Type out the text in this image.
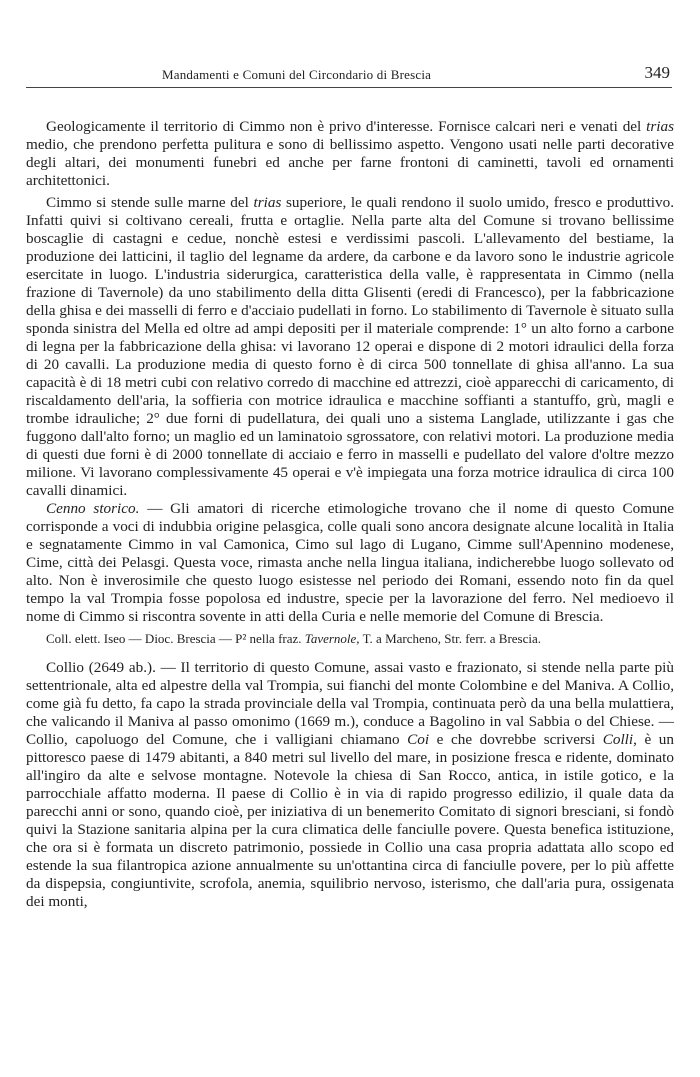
Mandamenti e Comuni del Circondario di Brescia	349

Geologicamente il territorio di Cimmo non è privo d'interesse. Fornisce calcari neri e venati del trias medio, che prendono perfetta pulitura e sono di bellissimo aspetto. Vengono usati nelle parti decorative degli altari, dei monumenti funebri ed anche per farne frontoni di caminetti, tavoli ed ornamenti architettonici.

Cimmo si stende sulle marne del trias superiore, le quali rendono il suolo umido, fresco e produttivo. Infatti quivi si coltivano cereali, frutta e ortaglie. Nella parte alta del Comune si trovano bellissime boscaglie di castagni e cedue, nonchè estesi e verdissimi pascoli. L'allevamento del bestiame, la produzione dei latticini, il taglio del legname da ardere, da carbone e da lavoro sono le industrie agricole esercitate in luogo. L'industria siderurgica, caratteristica della valle, è rappresentata in Cimmo (nella frazione di Tavernole) da uno stabilimento della ditta Glisenti (eredi di Francesco), per la fabbricazione della ghisa e dei masselli di ferro e d'acciaio pudellati in forno. Lo stabilimento di Tavernole è situato sulla sponda sinistra del Mella ed oltre ad ampi depositi per il materiale comprende: 1° un alto forno a carbone di legna per la fabbricazione della ghisa: vi lavorano 12 operai e dispone di 2 motori idraulici della forza di 20 cavalli. La produzione media di questo forno è di circa 500 tonnellate di ghisa all'anno. La sua capacità è di 18 metri cubi con relativo corredo di macchine ed attrezzi, cioè apparecchi di caricamento, di riscaldamento dell'aria, la soffieria con motrice idraulica e macchine soffianti a stantuffo, grù, magli e trombe idrauliche; 2° due forni di pudellatura, dei quali uno a sistema Langlade, utilizzante i gas che fuggono dall'alto forno; un maglio ed un laminatoio sgrossatore, con relativi motori. La produzione media di questi due forni è di 2000 tonnellate di acciaio e ferro in masselli e pudellato del valore d'oltre mezzo milione. Vi lavorano complessivamente 45 operai e v'è impiegata una forza motrice idraulica di circa 100 cavalli dinamici.

Cenno storico. — Gli amatori di ricerche etimologiche trovano che il nome di questo Comune corrisponde a voci di indubbia origine pelasgica, colle quali sono ancora designate alcune località in Italia e segnatamente Cimmo in val Camonica, Cimo sul lago di Lugano, Cimme sull'Apennino modenese, Cime, città dei Pelasgi. Questa voce, rimasta anche nella lingua italiana, indicherebbe luogo sollevato od alto. Non è inverosimile che questo luogo esistesse nel periodo dei Romani, essendo noto fin da quel tempo la val Trompia fosse popolosa ed industre, specie per la lavorazione del ferro. Nel medioevo il nome di Cimmo si riscontra sovente in atti della Curia e nelle memorie del Comune di Brescia.

Coll. elett. Iseo — Dioc. Brescia — P² nella fraz. Tavernole, T. a Marcheno, Str. ferr. a Brescia.

Collio (2649 ab.). — Il territorio di questo Comune, assai vasto e frazionato, si stende nella parte più settentrionale, alta ed alpestre della val Trompia, sui fianchi del monte Colombine e del Maniva. A Collio, come già fu detto, fa capo la strada provinciale della val Trompia, continuata però da una bella mulattiera, che valicando il Maniva al passo omonimo (1669 m.), conduce a Bagolino in val Sabbia o del Chiese. — Collio, capoluogo del Comune, che i valligiani chiamano Coi e che dovrebbe scriversi Colli, è un pittoresco paese di 1479 abitanti, a 840 metri sul livello del mare, in posizione fresca e ridente, dominato all'ingiro da alte e selvose montagne. Notevole la chiesa di San Rocco, antica, in istile gotico, e la parrocchiale affatto moderna. Il paese di Collio è in via di rapido progresso edilizio, il quale data da parecchi anni or sono, quando cioè, per iniziativa di un benemerito Comitato di signori bresciani, si fondò quivi la Stazione sanitaria alpina per la cura climatica delle fanciulle povere. Questa benefica istituzione, che ora si è formata un discreto patrimonio, possiede in Collio una casa propria adattata allo scopo ed estende la sua filantropica azione annualmente su un'ottantina circa di fanciulle povere, per lo più affette da dispepsia, congiuntivite, scrofola, anemia, squilibrio nervoso, isterismo, che dall'aria pura, ossigenata dei monti,
